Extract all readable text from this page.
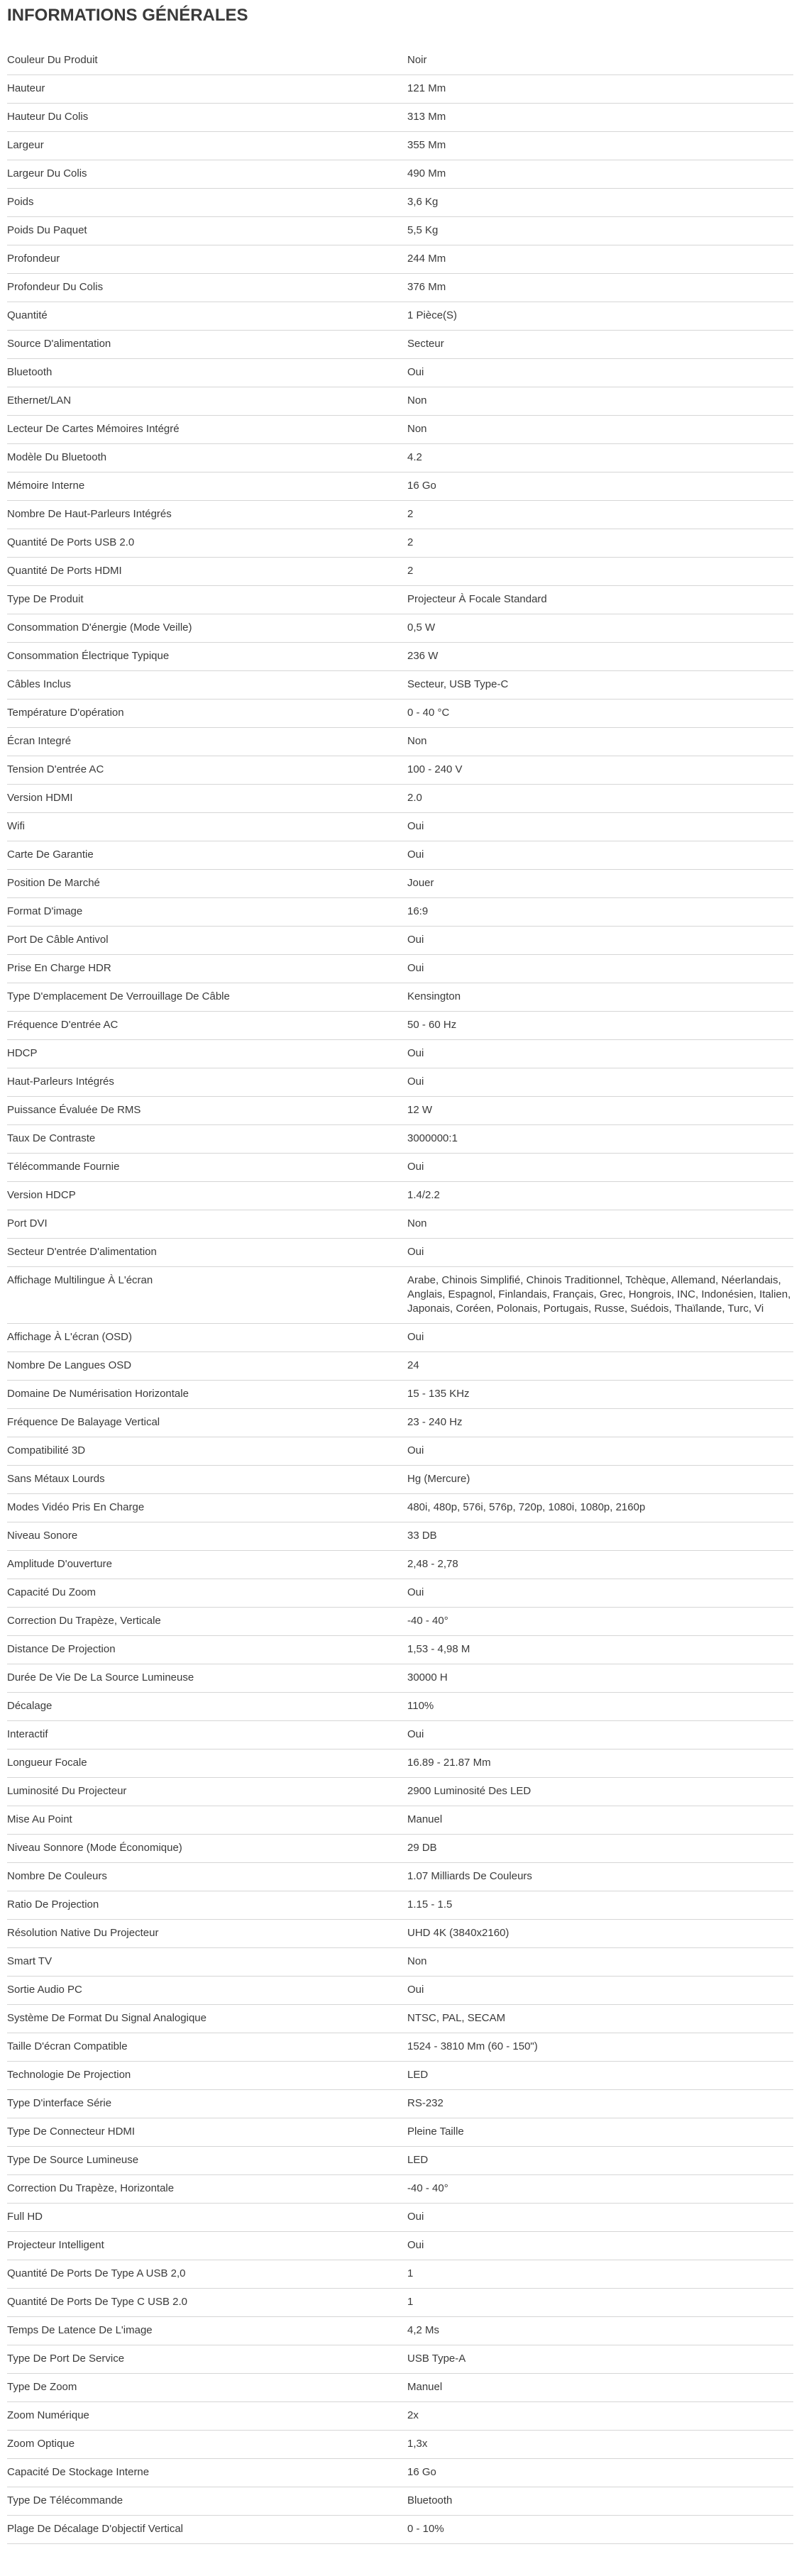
INFORMATIONS GÉNÉRALES
Couleur Du Produit	Noir

Hauteur	121 Mm

Hauteur Du Colis	313 Mm

Largeur	355 Mm

Largeur Du Colis	490 Mm

Poids	3,6 Kg

Poids Du Paquet	5,5 Kg

Profondeur	244 Mm

Profondeur Du Colis	376 Mm

Quantité	1 Pièce(S)

Source D'alimentation	Secteur

Bluetooth	Oui

Ethernet/LAN	Non

Lecteur De Cartes Mémoires Intégré	Non

Modèle Du Bluetooth	4.2

Mémoire Interne	16 Go

Nombre De Haut-Parleurs Intégrés	2

Quantité De Ports USB 2.0	2

Quantité De Ports HDMI	2

Type De Produit	Projecteur À Focale Standard

Consommation D'énergie (Mode Veille)	0,5 W

Consommation Électrique Typique	236 W

Câbles Inclus	Secteur, USB Type-C

Température D'opération	0 - 40 °C

Écran Integré	Non

Tension D'entrée AC	100 - 240 V

Version HDMI	2.0

Wifi	Oui

Carte De Garantie	Oui

Position De Marché	Jouer

Format D'image	16:9

Port De Câble Antivol	Oui

Prise En Charge HDR	Oui

Type D'emplacement De Verrouillage De Câble	Kensington

Fréquence D'entrée AC	50 - 60 Hz

HDCP	Oui

Haut-Parleurs Intégrés	Oui

Puissance Évaluée De RMS	12 W

Taux De Contraste	3000000:1

Télécommande Fournie	Oui

Version HDCP	1.4/2.2

Port DVI	Non

Secteur D'entrée D'alimentation	Oui

Affichage Multilingue À L'écran	Arabe, Chinois Simplifié, Chinois Traditionnel, Tchèque, Allemand, Néerlandais, Anglais, Espagnol, Finlandais, Français, Grec, Hongrois, INC, Indonésien, Italien, Japonais, Coréen, Polonais, Portugais, Russe, Suédois, Thaïlande, Turc, Vi

Affichage À L'écran (OSD)	Oui

Nombre De Langues OSD	24

Domaine De Numérisation Horizontale	15 - 135 KHz

Fréquence De Balayage Vertical	23 - 240 Hz

Compatibilité 3D	Oui

Sans Métaux Lourds	Hg (Mercure)

Modes Vidéo Pris En Charge	480i, 480p, 576i, 576p, 720p, 1080i, 1080p, 2160p

Niveau Sonore	33 DB

Amplitude D'ouverture	2,48 - 2,78

Capacité Du Zoom	Oui

Correction Du Trapèze, Verticale	-40 - 40°

Distance De Projection	1,53 - 4,98 M

Durée De Vie De La Source Lumineuse	30000 H

Décalage	110%

Interactif	Oui

Longueur Focale	16.89 - 21.87 Mm

Luminosité Du Projecteur	2900 Luminosité Des LED

Mise Au Point	Manuel

Niveau Sonnore (Mode Économique)	29 DB

Nombre De Couleurs	1.07 Milliards De Couleurs

Ratio De Projection	1.15 - 1.5

Résolution Native Du Projecteur	UHD 4K (3840x2160)

Smart TV	Non

Sortie Audio PC	Oui

Système De Format Du Signal Analogique	NTSC, PAL, SECAM

Taille D'écran Compatible	1524 - 3810 Mm (60 - 150")

Technologie De Projection	LED

Type D'interface Série	RS-232

Type De Connecteur HDMI	Pleine Taille

Type De Source Lumineuse	LED

Correction Du Trapèze, Horizontale	-40 - 40°

Full HD	Oui

Projecteur Intelligent	Oui

Quantité De Ports De Type A USB 2,0	1

Quantité De Ports De Type C USB 2.0	1

Temps De Latence De L'image	4,2 Ms

Type De Port De Service	USB Type-A

Type De Zoom	Manuel

Zoom Numérique	2x

Zoom Optique	1,3x

Capacité De Stockage Interne	16 Go

Type De Télécommande	Bluetooth

Plage De Décalage D'objectif Vertical	0 - 10%
